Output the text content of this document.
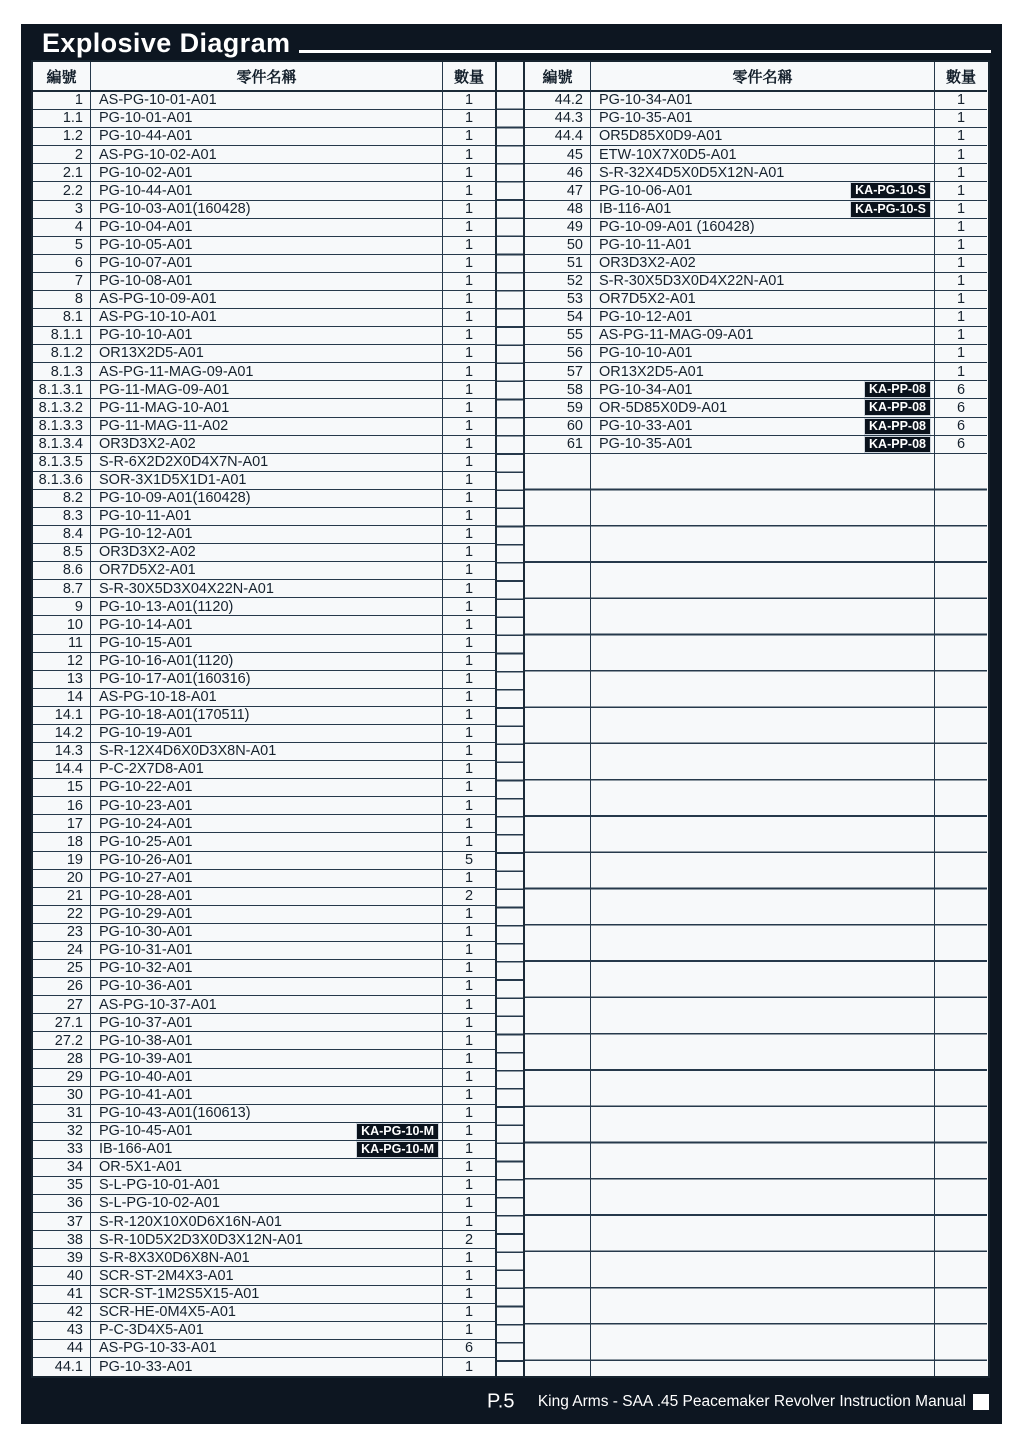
Explosive Diagram
編號	零件名稱	數量	編號	零件名稱	數量
1	AS-PG-10-01-A01	1
1.1	PG-10-01-A01	1
1.2	PG-10-44-A01	1
2	AS-PG-10-02-A01	1
2.1	PG-10-02-A01	1
2.2	PG-10-44-A01	1
3	PG-10-03-A01(160428)	1
4	PG-10-04-A01	1
5	PG-10-05-A01	1
6	PG-10-07-A01	1
7	PG-10-08-A01	1
8	AS-PG-10-09-A01	1
8.1	AS-PG-10-10-A01	1
8.1.1	PG-10-10-A01	1
8.1.2	OR13X2D5-A01	1
8.1.3	AS-PG-11-MAG-09-A01	1
8.1.3.1	PG-11-MAG-09-A01	1
8.1.3.2	PG-11-MAG-10-A01	1
8.1.3.3	PG-11-MAG-11-A02	1
8.1.3.4	OR3D3X2-A02	1
8.1.3.5	S-R-6X2D2X0D4X7N-A01	1
8.1.3.6	SOR-3X1D5X1D1-A01	1
8.2	PG-10-09-A01(160428)	1
8.3	PG-10-11-A01	1
8.4	PG-10-12-A01	1
8.5	OR3D3X2-A02	1
8.6	OR7D5X2-A01	1
8.7	S-R-30X5D3X04X22N-A01	1
9	PG-10-13-A01(1120)	1
10	PG-10-14-A01	1
11	PG-10-15-A01	1
12	PG-10-16-A01(1120)	1
13	PG-10-17-A01(160316)	1
14	AS-PG-10-18-A01	1
14.1	PG-10-18-A01(170511)	1
14.2	PG-10-19-A01	1
14.3	S-R-12X4D6X0D3X8N-A01	1
14.4	P-C-2X7D8-A01	1
15	PG-10-22-A01	1
16	PG-10-23-A01	1
17	PG-10-24-A01	1
18	PG-10-25-A01	1
19	PG-10-26-A01	5
20	PG-10-27-A01	1
21	PG-10-28-A01	2
22	PG-10-29-A01	1
23	PG-10-30-A01	1
24	PG-10-31-A01	1
25	PG-10-32-A01	1
26	PG-10-36-A01	1
27	AS-PG-10-37-A01	1
27.1	PG-10-37-A01	1
27.2	PG-10-38-A01	1
28	PG-10-39-A01	1
29	PG-10-40-A01	1
30	PG-10-41-A01	1
31	PG-10-43-A01(160613)	1
32	PG-10-45-A01	KA-PG-10-M	1
33	IB-166-A01	KA-PG-10-M	1
34	OR-5X1-A01	1
35	S-L-PG-10-01-A01	1
36	S-L-PG-10-02-A01	1
37	S-R-120X10X0D6X16N-A01	1
38	S-R-10D5X2D3X0D3X12N-A01	2
39	S-R-8X3X0D6X8N-A01	1
40	SCR-ST-2M4X3-A01	1
41	SCR-ST-1M2S5X15-A01	1
42	SCR-HE-0M4X5-A01	1
43	P-C-3D4X5-A01	1
44	AS-PG-10-33-A01	6
44.1	PG-10-33-A01	1
44.2	PG-10-34-A01	1
44.3	PG-10-35-A01	1
44.4	OR5D85X0D9-A01	1
45	ETW-10X7X0D5-A01	1
46	S-R-32X4D5X0D5X12N-A01	1
47	PG-10-06-A01	KA-PG-10-S	1
48	IB-116-A01	KA-PG-10-S	1
49	PG-10-09-A01 (160428)	1
50	PG-10-11-A01	1
51	OR3D3X2-A02	1
52	S-R-30X5D3X0D4X22N-A01	1
53	OR7D5X2-A01	1
54	PG-10-12-A01	1
55	AS-PG-11-MAG-09-A01	1
56	PG-10-10-A01	1
57	OR13X2D5-A01	1
58	PG-10-34-A01	KA-PP-08	6
59	OR-5D85X0D9-A01	KA-PP-08	6
60	PG-10-33-A01	KA-PP-08	6
61	PG-10-35-A01	KA-PP-08	6
P.5 King Arms - SAA .45 Peacemaker Revolver Instruction Manual
